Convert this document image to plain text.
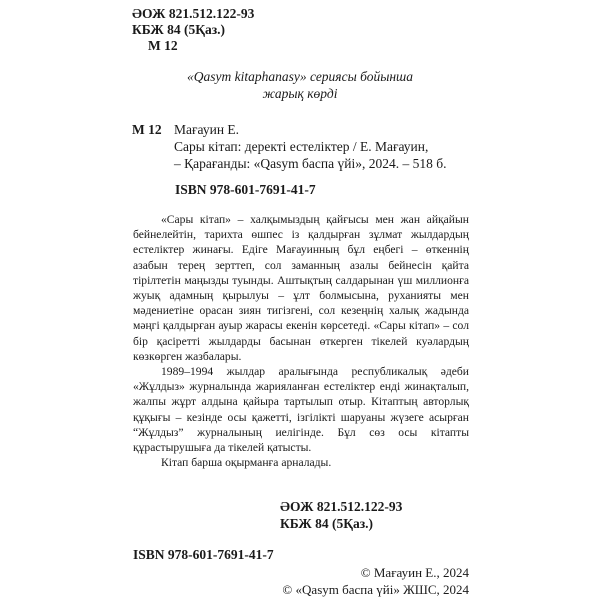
ӘОЖ 821.512.122-93
КБЖ 84 (5Қаз.)
М 12
«Qasym kitaphanasy» сериясы бойынша
жарық көрді
М 12 Мағауин Е.
Сары кітап: деректі естеліктер / Е. Мағауин,
– Қарағанды: «Qasym баспа үйі», 2024. – 518 б.
ISBN 978-601-7691-41-7

«Сары кітап» – халқымыздың қайғысы мен жан айқайын бейнелейтін, тарихта өшпес із қалдырған зұлмат жылдардың естеліктер жинағы. Едіге Мағауинның бұл еңбегі – өткеннің азабын терең зерттеп, сол заманның азалы бейнесін қайта тірілтетін маңызды туынды. Аштықтың салдарынан үш миллионға жуық адамның қырылуы – ұлт болмысына, руханияты мен мәдениетіне орасан зиян тигізгені, сол кезеңнің халық жадында мәңгі қалдырған ауыр жарасы екенін көрсетеді. «Сары кітап» – сол бір қасіретті жылдарды басынан өткерген тікелей куәлардың көзкөрген жазбалары.

1989–1994 жылдар аралығында республикалық әдеби «Жұлдыз» журналында жарияланған естеліктер енді жинақталып, жалпы жұрт алдына қайыра тартылып отыр. Кітаптың авторлық құқығы – кезінде осы қажетті, ізгілікті шаруаны жүзеге асырған “Жұлдыз” журналының иелігінде. Бұл сөз осы кітапты құрастырушыға да тікелей қатысты.

Кітап барша оқырманға арналады.

ӘОЖ 821.512.122-93
КБЖ 84 (5Қаз.)
ISBN 978-601-7691-41-7
© Мағауин Е., 2024
© «Qasym баспа үйі» ЖШС, 2024
